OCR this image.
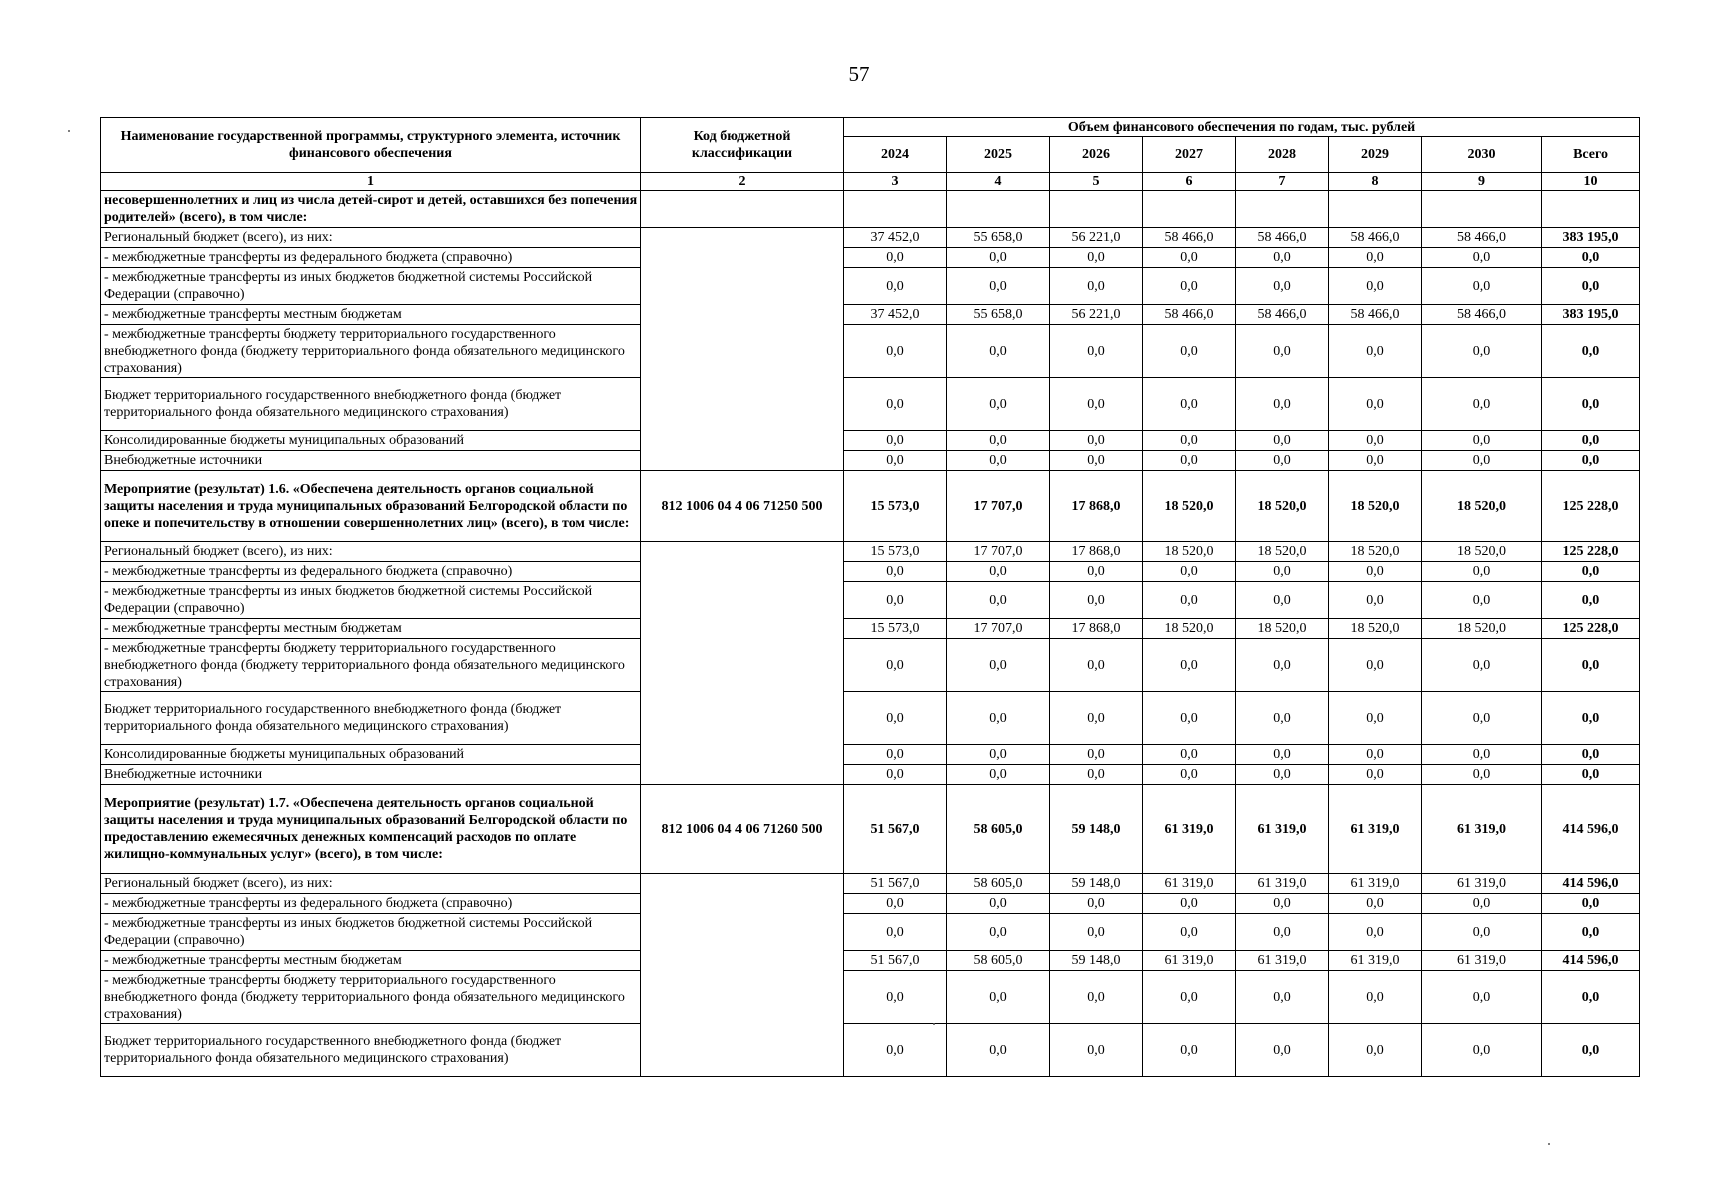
57
Наименование государственной программы, структурного элемента, источник финансового обеспечения	Код бюджетной классификации	Объем финансового обеспечения по годам, тыс. рублей							

		2024	2025	2026	2027	2028	2029	2030	Всего
1	2	3	4	5	6	7	8	9	10
несовершеннолетних и лиц из числа детей-сирот и детей, оставшихся без попечения родителей» (всего), в том числе:									
Региональный бюджет (всего), из них:		37 452,0	55 658,0	56 221,0	58 466,0	58 466,0	58 466,0	58 466,0	383 195,0
- межбюджетные трансферты из федерального бюджета (справочно)		0,0	0,0	0,0	0,0	0,0	0,0	0,0	0,0
- межбюджетные трансферты из иных бюджетов бюджетной системы Российской Федерации (справочно)		0,0	0,0	0,0	0,0	0,0	0,0	0,0	0,0
- межбюджетные трансферты местным бюджетам		37 452,0	55 658,0	56 221,0	58 466,0	58 466,0	58 466,0	58 466,0	383 195,0
- межбюджетные трансферты бюджету территориального государственного внебюджетного фонда (бюджету территориального фонда обязательного медицинского страхования)		0,0	0,0	0,0	0,0	0,0	0,0	0,0	0,0
Бюджет территориального государственного внебюджетного фонда (бюджет территориального фонда обязательного медицинского страхования)		0,0	0,0	0,0	0,0	0,0	0,0	0,0	0,0
Консолидированные бюджеты муниципальных образований		0,0	0,0	0,0	0,0	0,0	0,0	0,0	0,0
Внебюджетные источники		0,0	0,0	0,0	0,0	0,0	0,0	0,0	0,0
Мероприятие (результат) 1.6. «Обеспечена деятельность органов социальной защиты населения и труда муниципальных образований Белгородской области по опеке и попечительству в отношении совершеннолетних лиц» (всего), в том числе:	812 1006 04 4 06 71250 500	15 573,0	17 707,0	17 868,0	18 520,0	18 520,0	18 520,0	18 520,0	125 228,0
Региональный бюджет (всего), из них:		15 573,0	17 707,0	17 868,0	18 520,0	18 520,0	18 520,0	18 520,0	125 228,0
- межбюджетные трансферты из федерального бюджета (справочно)		0,0	0,0	0,0	0,0	0,0	0,0	0,0	0,0
- межбюджетные трансферты из иных бюджетов бюджетной системы Российской Федерации (справочно)		0,0	0,0	0,0	0,0	0,0	0,0	0,0	0,0
- межбюджетные трансферты местным бюджетам		15 573,0	17 707,0	17 868,0	18 520,0	18 520,0	18 520,0	18 520,0	125 228,0
- межбюджетные трансферты бюджету территориального государственного внебюджетного фонда (бюджету территориального фонда обязательного медицинского страхования)		0,0	0,0	0,0	0,0	0,0	0,0	0,0	0,0
Бюджет территориального государственного внебюджетного фонда (бюджет территориального фонда обязательного медицинского страхования)		0,0	0,0	0,0	0,0	0,0	0,0	0,0	0,0
Консолидированные бюджеты муниципальных образований		0,0	0,0	0,0	0,0	0,0	0,0	0,0	0,0
Внебюджетные источники		0,0	0,0	0,0	0,0	0,0	0,0	0,0	0,0
Мероприятие (результат) 1.7. «Обеспечена деятельность органов социальной защиты населения и труда муниципальных образований Белгородской области по предоставлению ежемесячных денежных компенсаций расходов по оплате жилищно-коммунальных услуг» (всего), в том числе:	812 1006 04 4 06 71260 500	51 567,0	58 605,0	59 148,0	61 319,0	61 319,0	61 319,0	61 319,0	414 596,0
Региональный бюджет (всего), из них:		51 567,0	58 605,0	59 148,0	61 319,0	61 319,0	61 319,0	61 319,0	414 596,0
- межбюджетные трансферты из федерального бюджета (справочно)		0,0	0,0	0,0	0,0	0,0	0,0	0,0	0,0
- межбюджетные трансферты из иных бюджетов бюджетной системы Российской Федерации (справочно)		0,0	0,0	0,0	0,0	0,0	0,0	0,0	0,0
- межбюджетные трансферты местным бюджетам		51 567,0	58 605,0	59 148,0	61 319,0	61 319,0	61 319,0	61 319,0	414 596,0
- межбюджетные трансферты бюджету территориального государственного внебюджетного фонда (бюджету территориального фонда обязательного медицинского страхования)		0,0	0,0	0,0	0,0	0,0	0,0	0,0	0,0
Бюджет территориального государственного внебюджетного фонда (бюджет территориального фонда обязательного медицинского страхования)		0,0	0,0	0,0	0,0	0,0	0,0	0,0	0,0
